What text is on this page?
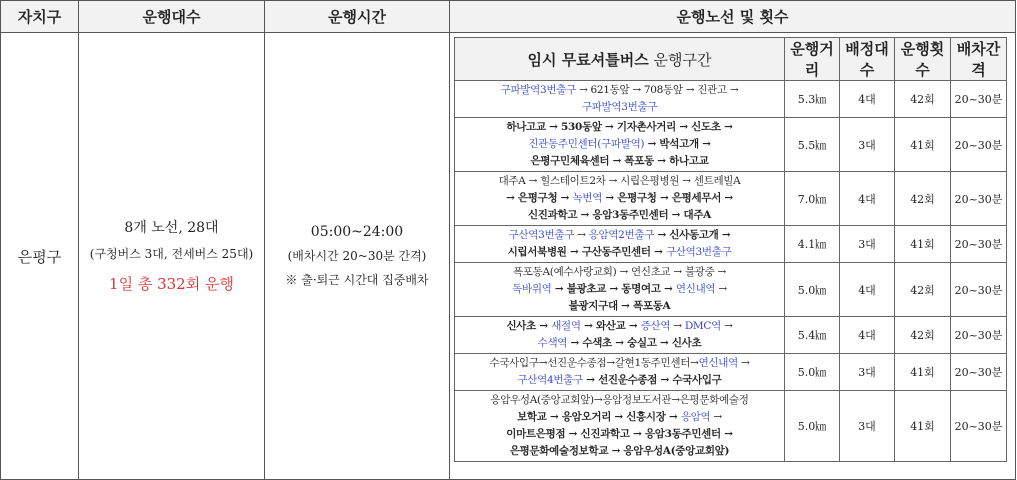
자치구	운행대수	운행시간	운행노선 및 횟수
은평구	
8개 노선, 28대
(구청버스 3대, 전세버스 25대)
1일 총 332회 운행

05:00~24:00
(배차시간 20~30분 간격)
※ 출·퇴근 시간대 집중배차

임시 무료셔틀버스 운행구간	운행거리	배정대수	운행횟수	배차간격

구파발역3번출구 → 621동앞 → 708동앞 → 진관고 →
구파발역3번출구
	5.3㎞	4대	42회	20~30분

하나고교 → 530동앞 → 기자촌사거리 → 신도초 →
진관동주민센터(구파발역) → 박석고개 →
은평구민체육센터 → 폭포동 → 하나고교
	5.5㎞	3대	41회	20~30분

대주A → 힐스테이트2차 → 시립은평병원 → 센트레빌A
→ 은평구청 → 녹번역 → 은평구청 → 은평세무서 →
신진과학고 → 응암3동주민센터 → 대주A
	7.0㎞	4대	42회	20~30분

구산역3번출구 → 응암역2번출구 → 신사동고개 →
시립서북병원 → 구산동주민센터 → 구산역3번출구
	4.1㎞	3대	41회	20~30분

폭포동A(예수사랑교회) → 연신초교 → 불광중 →
독바위역 → 불광초교 → 동명여고 → 연신내역 →
불광지구대 → 폭포동A
	5.0㎞	4대	42회	20~30분

신사초 → 새절역 → 와산교 → 증산역 → DMC역 →
수색역 → 수색초 → 숭실고 → 신사초
	5.4㎞	4대	42회	20~30분

수국사입구→선진운수종점→갈현1동주민센터→연신내역 →
구산역4번출구 → 선진운수종점 → 수국사입구
	5.0㎞	3대	41회	20~30분

응암우성A(중앙교회앞)→응암정보도서관→은평문화예술정
보학교 → 응암오거리 → 신흥시장 → 응암역 →
이마트은평점 → 신진과학고 → 응암3동주민센터 →
은평문화예술정보학교 → 응암우성A(중앙교회앞)
	5.0㎞	3대	41회	20~30분
